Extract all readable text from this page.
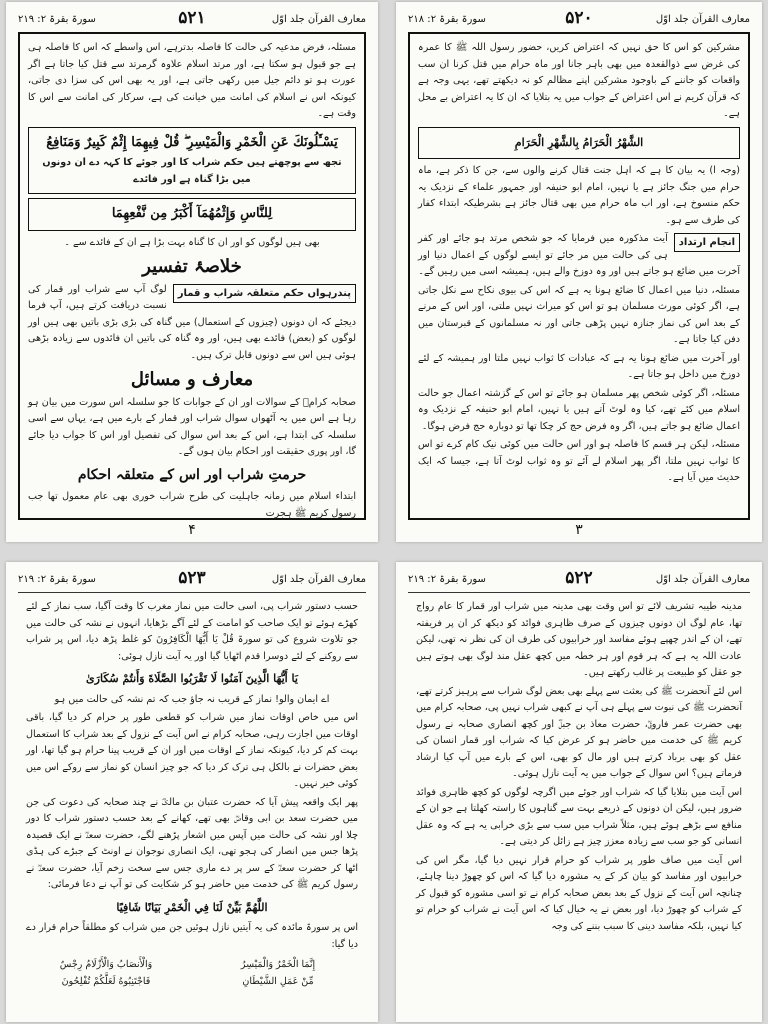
سورۃ بقرۃ ۲: ۲۱۹	۵۲۱	معارف القرآن جلد اوّل

مسئلہ، فرض مدعیہ کی حالت کا فاصلہ بدترہے، اس واسطے کہ اس کا فاصلہ ہی ہے جو قبول ہو سکتا ہے، اور مرتد اسلام علاوہ گرمرتد سے قتل کیا جاتا ہے اگر عورت ہو تو دائم جیل میں رکھی جاتی ہے، اور یہ بھی اس کی سزا دی جاتی، کیونکہ اس نے اسلام کی امانت میں خیانت کی ہے، سرکار کی امانت سے اس کا وقت ہے۔

يَسْـَٔلُونَكَ عَنِ الْخَمْرِ وَالْمَيْسِرِ ۖ قُلْ فِيهِمَا إِثْمٌ كَبِيرٌ وَمَنَافِعُ

تجھ سے پوچھتے ہیں حکم شراب کا اور جوئے کا کہہ دے ان دونوں میں بڑا گناہ ہے اور فائدے

لِلنَّاسِ وَإِثْمُهُمَآ أَكْبَرُ مِن نَّفْعِهِمَا

بھی ہیں لوگوں کو اور ان کا گناہ بہت بڑا ہے ان کے فائدے سے ۔

خلاصۂ تفسیر
پندرہواں حکم متعلقہ شراب و قمار

لوگ آپ سے شراب اور قمار کی نسبت دریافت کرتے ہیں، آپ فرما دیجئے کہ ان دونوں (چیزوں کے استعمال) میں گناہ کی بڑی بڑی باتیں بھی ہیں اور لوگوں کو (بعض) فائدے بھی ہیں، اور وہ گناہ کی باتیں ان فائدوں سے زیادہ بڑھی ہوئی ہیں اس سے دونوں قابل ترک ہیں۔

معارف و مسائل

صحابہ کرامؓ کے سوالات اور ان کے جوابات کا جو سلسلہ اس سورت میں بیان ہو رہا ہے اس میں یہ آٹھواں سوال شراب اور قمار کے بارے میں ہے، یہاں سے اسی سلسلہ کی ابتدا ہے، اس کے بعد اس سوال کی تفصیل اور اس کا جواب دیا جائے گا، اور پوری حقیقت اور احکام بیان ہوں گے۔

حرمتِ شراب اور اس کے متعلقہ احکام

ابتداء اسلام میں زمانہ جاہلیت کی طرح شراب خوری بھی عام معمول تھا جب رسول کریم ﷺ ہجرت

۴
سورۃ بقرۃ ۲: ۲۱۸	۵۲۰	معارف القرآن جلد اوّل

مشرکین کو اس کا حق نہیں کہ اعتراض کریں، حضور رسول اللہ ﷺ کا عمرہ کی غرض سے ذوالقعدہ میں بھی باہر جانا اور ماہ حرام میں قتل کرنا ان سب واقعات کو جاننے کے باوجود مشرکین اپنے مظالم کو نہ دیکھتے تھے، یہی وجہ ہے کہ قرآن کریم نے اس اعتراض کے جواب میں یہ بتلایا کہ ان کا یہ اعتراض بے محل ہے۔

الشَّهْرُ الْحَرَامُ بِالشَّهْرِ الْحَرَامِ

(وجہ ا) یہ بیان کا ہے کہ اہل جنت قتال کرنے والوں سے، جن کا ذکر ہے، ماہ حرام میں جنگ جائز ہے یا نہیں، امام ابو حنیفہ اور جمہور علماء کے نزدیک یہ حکم منسوخ ہے، اور اب ماہ حرام میں بھی قتال جائز ہے بشرطیکہ ابتداء کفار کی طرف سے ہو۔

انجام ارتداد

آیت مذکورہ میں فرمایا کہ جو شخص مرتد ہو جائے اور کفر ہی کی حالت میں مر جائے تو ایسے لوگوں کے اعمال دنیا اور آخرت میں ضائع ہو جاتے ہیں اور وہ دوزخ والے ہیں، ہمیشہ اسی میں رہیں گے۔

مسئلہ، دنیا میں اعمال کا ضائع ہونا یہ ہے کہ اس کی بیوی نکاح سے نکل جاتی ہے، اگر کوئی مورث مسلمان ہو تو اس کو میراث نہیں ملتی، اور اس کے مرنے کے بعد اس کی نماز جنازہ نہیں پڑھی جاتی اور نہ مسلمانوں کے قبرستان میں دفن کیا جاتا ہے۔

اور آخرت میں ضائع ہونا یہ ہے کہ عبادات کا ثواب نہیں ملتا اور ہمیشہ کے لئے دوزخ میں داخل ہو جاتا ہے۔

مسئلہ، اگر کوئی شخص پھر مسلمان ہو جائے تو اس کے گزشتہ اعمال جو حالت اسلام میں کئے تھے، کیا وہ لوٹ آتے ہیں یا نہیں، امام ابو حنیفہ کے نزدیک وہ اعمال ضائع ہو جاتے ہیں، اگر وہ فرض حج کر چکا تھا تو دوبارہ حج فرض ہوگا۔

مسئلہ، لیکن ہر قسم کا فاصلہ ہو اور اس حالت میں کوئی نیک کام کرے تو اس کا ثواب نہیں ملتا، اگر پھر اسلام لے آئے تو وہ ثواب لوٹ آتا ہے، جیسا کہ ایک حدیث میں آیا ہے۔

۳
سورۃ بقرۃ ۲: ۲۱۹	۵۲۳	معارف القرآن جلد اوّل

حسب دستور شراب پی، اسی حالت میں نماز مغرب کا وقت آگیا، سب نماز کے لئے کھڑے ہوئے تو ایک صاحب کو امامت کے لئے آگے بڑھایا، انہوں نے نشہ کی حالت میں جو تلاوت شروع کی تو سورۃ قُلْ يَا أَيُّهَا الْكَافِرُونَ کو غلط پڑھ دیا، اس پر شراب سے روکنے کے لئے دوسرا قدم اٹھایا گیا اور یہ آیت نازل ہوئی:

يَا أَيُّهَا الَّذِينَ آمَنُوا لَا تَقْرَبُوا الصَّلَاةَ وَأَنتُمْ سُكَارَىٰ

اے ایمان والو! نماز کے قریب نہ جاؤ جب کہ تم نشہ کی حالت میں ہو

اس میں خاص اوقات نماز میں شراب کو قطعی طور پر حرام کر دیا گیا، باقی اوقات میں اجازت رہی، صحابہ کرام نے اس آیت کے نزول کے بعد شراب کا استعمال بہت کم کر دیا، کیونکہ نماز کے اوقات میں اور ان کے قریب پینا حرام ہو گیا تھا، اور بعض حضرات نے بالکل ہی ترک کر دیا کہ جو چیز انسان کو نماز سے روکے اس میں کوئی خیر نہیں۔

پھر ایک واقعہ پیش آیا کہ حضرت عتبان بن مالکؓ نے چند صحابہ کی دعوت کی جن میں حضرت سعد بن ابی وقاصؓ بھی تھے، کھانے کے بعد حسب دستور شراب کا دور چلا اور نشہ کی حالت میں آپس میں اشعار پڑھنے لگے، حضرت سعدؓ نے ایک قصیدہ پڑھا جس میں انصار کی ہجو تھی، ایک انصاری نوجوان نے اونٹ کے جبڑے کی ہڈی اٹھا کر حضرت سعدؓ کے سر پر دے ماری جس سے سخت زخم آیا، حضرت سعدؓ نے رسول کریم ﷺ کی خدمت میں حاضر ہو کر شکایت کی تو آپ نے دعا فرمائی:

اللَّهُمَّ بَيِّنْ لَنَا فِي الْخَمْرِ بَيَانًا شَافِيًا

اس پر سورۃ مائدہ کی یہ آیتیں نازل ہوئیں جن میں شراب کو مطلقاً حرام قرار دے دیا گیا:

إِنَّمَا الْخَمْرُ وَالْمَيْسِرُ
وَالْأَنصَابُ وَالْأَزْلَامُ رِجْسٌ
مِّنْ عَمَلِ الشَّيْطَانِ
فَاجْتَنِبُوهُ لَعَلَّكُمْ تُفْلِحُونَ
سورۃ بقرۃ ۲: ۲۱۹	۵۲۲	معارف القرآن جلد اوّل

مدینہ طیبہ تشریف لائے تو اس وقت بھی مدینہ میں شراب اور قمار کا عام رواج تھا، عام لوگ ان دونوں چیزوں کے صرف ظاہری فوائد کو دیکھ کر ان پر فریفتہ تھے، ان کے اندر چھپے ہوئے مفاسد اور خرابیوں کی طرف ان کی نظر نہ تھی، لیکن عادت اللہ یہ ہے کہ ہر قوم اور ہر خطہ میں کچھ عقل مند لوگ بھی ہوتے ہیں جو عقل کو طبیعت پر غالب رکھتے ہیں۔

اس لئے آنحضرت ﷺ کی بعثت سے پہلے بھی بعض لوگ شراب سے پرہیز کرتے تھے، آنحضرت ﷺ کی نبوت سے پہلے ہی آپ نے کبھی شراب نہیں پی، صحابہ کرام میں بھی حضرت عمر فاروقؓ، حضرت معاذ بن جبلؓ اور کچھ انصاری صحابہ نے رسول کریم ﷺ کی خدمت میں حاضر ہو کر عرض کیا کہ شراب اور قمار انسان کی عقل کو بھی برباد کرتے ہیں اور مال کو بھی، اس کے بارے میں آپ کیا ارشاد فرماتے ہیں؟ اس سوال کے جواب میں یہ آیت نازل ہوئی۔

اس آیت میں بتلایا گیا کہ شراب اور جوئے میں اگرچہ لوگوں کو کچھ ظاہری فوائد ضرور ہیں، لیکن ان دونوں کے ذریعے بہت سے گناہوں کا راستہ کھلتا ہے جو ان کے منافع سے بڑھے ہوئے ہیں، مثلاً شراب میں سب سے بڑی خرابی یہ ہے کہ وہ عقل انسانی کو جو سب سے زیادہ معزز چیز ہے زائل کر دیتی ہے۔

اس آیت میں صاف طور پر شراب کو حرام قرار نہیں دیا گیا، مگر اس کی خرابیوں اور مفاسد کو بیان کر کے یہ مشورہ دیا گیا کہ اس کو چھوڑ دینا چاہئے، چنانچہ اس آیت کے نزول کے بعد بعض صحابہ کرام نے تو اسی مشورہ کو قبول کر کے شراب کو چھوڑ دیا، اور بعض نے یہ خیال کیا کہ اس آیت نے شراب کو حرام تو کیا نہیں، بلکہ مفاسد دینی کا سبب بننے کی وجہ
